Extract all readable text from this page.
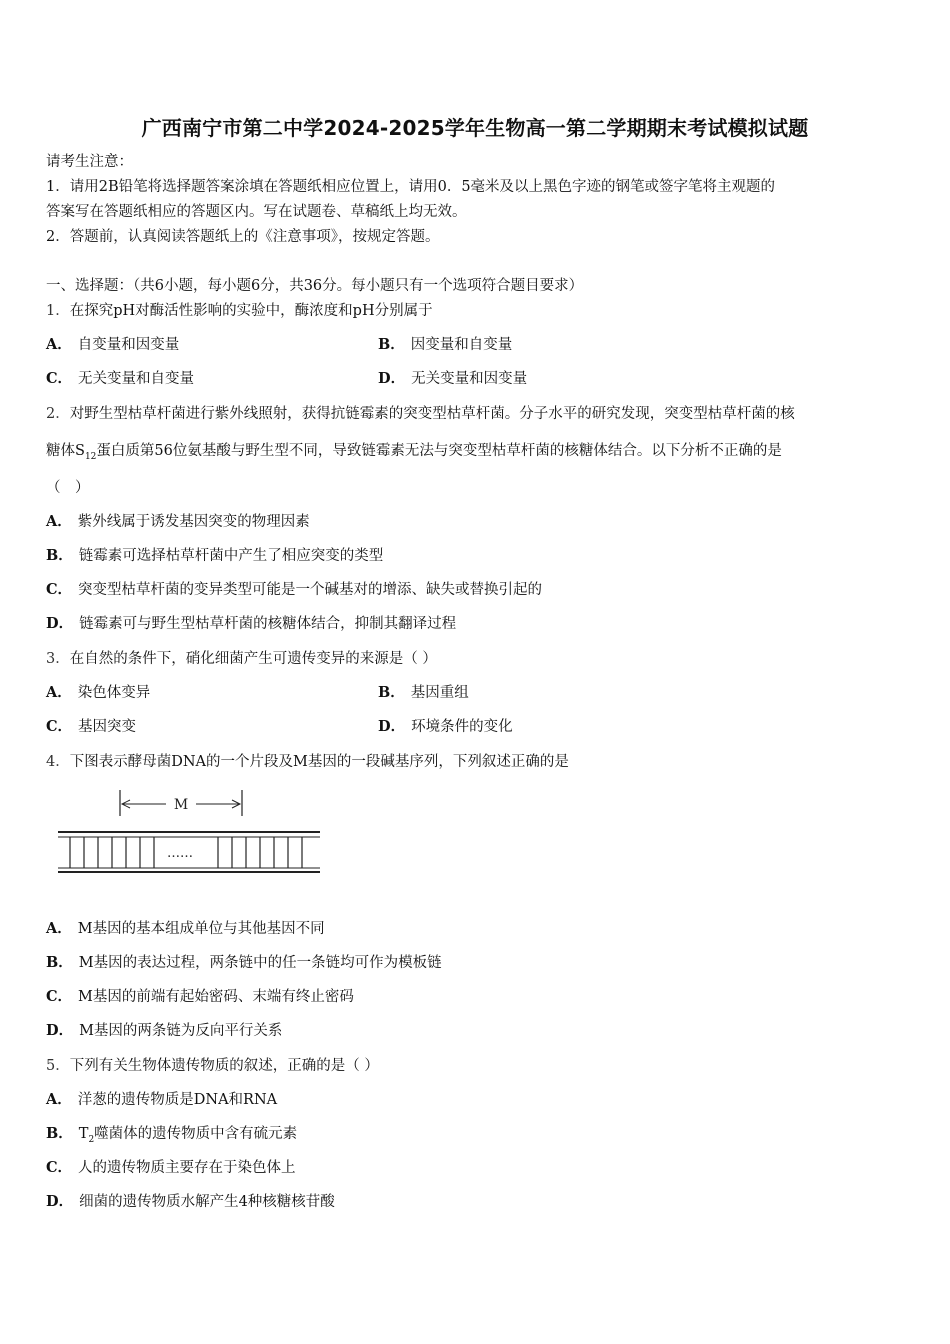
广西南宁市第二中学2024-2025学年生物高一第二学期期末考试模拟试题
请考生注意：
1．请用2B铅笔将选择题答案涂填在答题纸相应位置上，请用0．5毫米及以上黑色字迹的钢笔或签字笔将主观题的
答案写在答题纸相应的答题区内。写在试题卷、草稿纸上均无效。
2．答题前，认真阅读答题纸上的《注意事项》，按规定答题。
一、选择题：（共6小题，每小题6分，共36分。每小题只有一个选项符合题目要求）
1．在探究pH对酶活性影响的实验中，酶浓度和pH分别属于
A． 自变量和因变量	B． 因变量和自变量
C． 无关变量和自变量	D． 无关变量和因变量
2．对野生型枯草杆菌进行紫外线照射，获得抗链霉素的突变型枯草杆菌。分子水平的研究发现，突变型枯草杆菌的核
糖体$S_{12}$蛋白质第56位氨基酸与野生型不同，导致链霉素无法与突变型枯草杆菌的核糖体结合。以下分析不正确的是
（　）
A． 紫外线属于诱发基因突变的物理因素
B． 链霉素可选择枯草杆菌中产生了相应突变的类型
C． 突变型枯草杆菌的变异类型可能是一个碱基对的增添、缺失或替换引起的
D． 链霉素可与野生型枯草杆菌的核糖体结合，抑制其翻译过程
3．在自然的条件下，硝化细菌产生可遗传变异的来源是（ ）
A． 染色体变异	B． 基因重组
C． 基因突变	D． 环境条件的变化
4．下图表示酵母菌DNA的一个片段及M基因的一段碱基序列，下列叙述正确的是
M
……
A． M基因的基本组成单位与其他基因不同
B． M基因的表达过程，两条链中的任一条链均可作为模板链
C． M基因的前端有起始密码、末端有终止密码
D． M基因的两条链为反向平行关系
5．下列有关生物体遗传物质的叙述，正确的是（ ）
A． 洋葱的遗传物质是DNA和RNA
B． $T_2$噬菌体的遗传物质中含有硫元素
C． 人的遗传物质主要存在于染色体上
D． 细菌的遗传物质水解产生4种核糖核苷酸
